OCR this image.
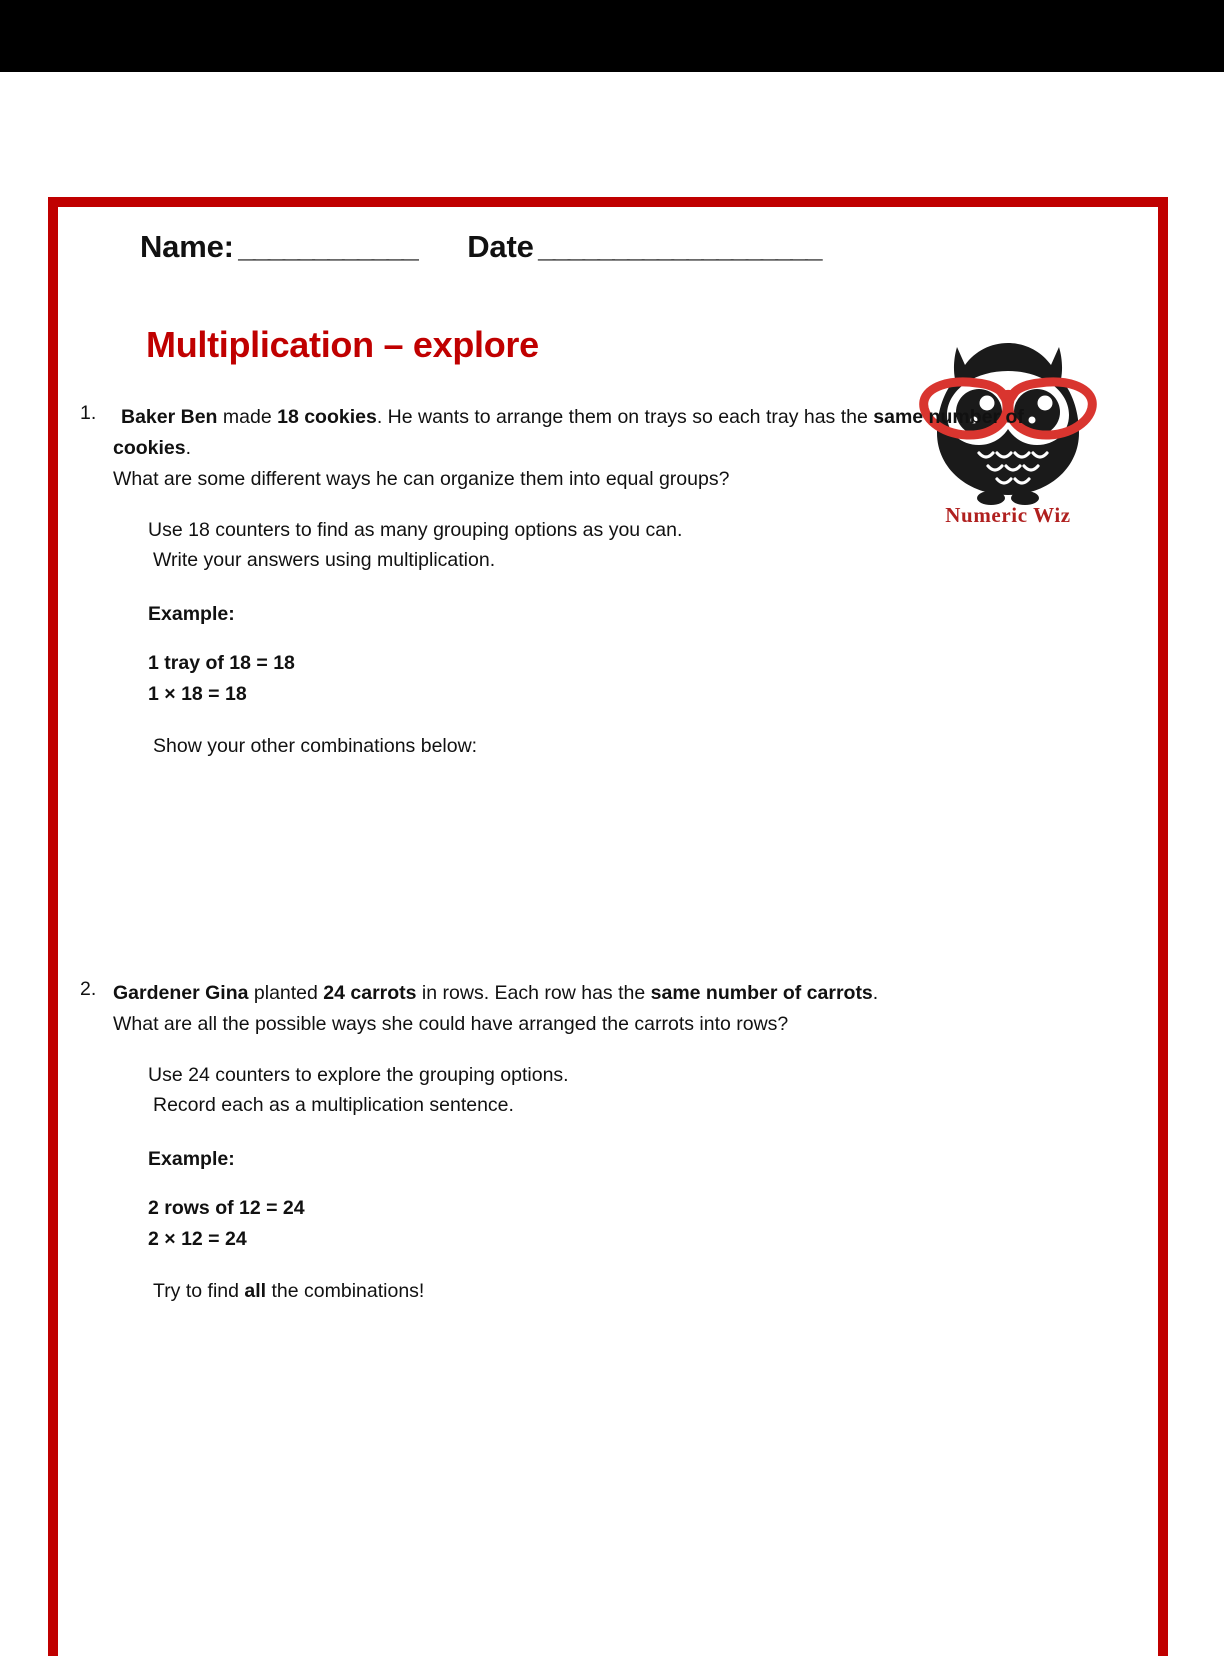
Name: ____________ Date ___________________
Multiplication – explore
Numeric Wiz
1.	Baker Ben made 18 cookies. He wants to arrange them on trays so each tray has the same number of cookies.
What are some different ways he can organize them into equal groups?
Use 18 counters to find as many grouping options as you can.
Write your answers using multiplication.
Example:
1 tray of 18 = 18
1 × 18 = 18
Show your other combinations below:
2. Gardener Gina planted 24 carrots in rows. Each row has the same number of carrots.
What are all the possible ways she could have arranged the carrots into rows?
Use 24 counters to explore the grouping options.
Record each as a multiplication sentence.
Example:
2 rows of 12 = 24
2 × 12 = 24
Try to find all the combinations!
